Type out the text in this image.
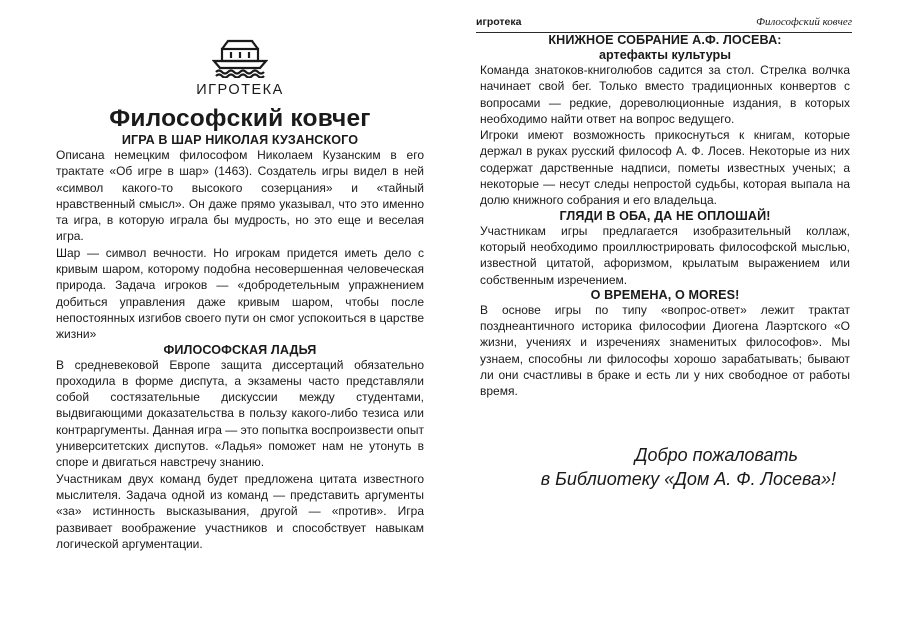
ИГРОТЕКА
Философский ковчег
ИГРА В ШАР НИКОЛАЯ КУЗАНСКОГО

Описана немецким философом Николаем Кузанским в его трактате «Об игре в шар» (1463). Создатель игры видел в ней «символ какого-то высокого созерцания» и «тайный нравственный смысл». Он даже прямо указывал, что это именно та игра, в которую играла бы мудрость, но это еще и веселая игра.

Шар — символ вечности. Но игрокам придется иметь дело с кривым шаром, которому подобна несовершенная человеческая природа. Задача игроков — «добродетельным упражнением добиться управления даже кривым шаром, чтобы после непостоянных изгибов своего пути он смог успокоиться в царстве жизни»

ФИЛОСОФСКАЯ ЛАДЬЯ

В средневековой Европе защита диссертаций обязательно проходила в форме диспута, а экзамены часто представляли собой состязательные дискуссии между студентами, выдвигающими доказательства в пользу какого-либо тезиса или контраргументы. Данная игра — это попытка воспроизвести опыт университетских диспутов. «Ладья» поможет нам не утонуть в споре и двигаться навстречу знанию.

Участникам двух команд будет предложена цитата известного мыслителя. Задача одной из команд — представить аргументы «за» истинность высказывания, другой — «против». Игра развивает воображение участников и способствует навыкам логической аргументации.

игротека	Философский ковчег
КНИЖНОЕ СОБРАНИЕ А.Ф. ЛОСЕВА:
артефакты культуры

Команда знатоков-книголюбов садится за стол. Стрелка волчка начинает свой бег. Только вместо традиционных конвертов с вопросами — редкие, дореволюционные издания, в которых необходимо найти ответ на вопрос ведущего.

Игроки имеют возможность прикоснуться к книгам, которые держал в руках русский философ А. Ф. Лосев. Некоторые из них содержат дарственные надписи, пометы известных ученых; а некоторые — несут следы непростой судьбы, которая выпала на долю книжного собрания и его владельца.

ГЛЯДИ В ОБА, ДА НЕ ОПЛОШАЙ!

Участникам игры предлагается изобразительный коллаж, который необходимо проиллюстрировать философской мыслью, известной цитатой, афоризмом, крылатым выражением или собственным изречением.

О ВРЕМЕНА, О MORES!

В основе игры по типу «вопрос-ответ» лежит трактат позднеантичного историка философии Диогена Лаэртского «О жизни, учениях и изречениях знаменитых философов». Мы узнаем, способны ли философы хорошо зарабатывать; бывают ли они счастливы в браке и есть ли у них свободное от работы время.

Добро пожаловать
в Библиотеку «Дом А. Ф. Лосева»!
